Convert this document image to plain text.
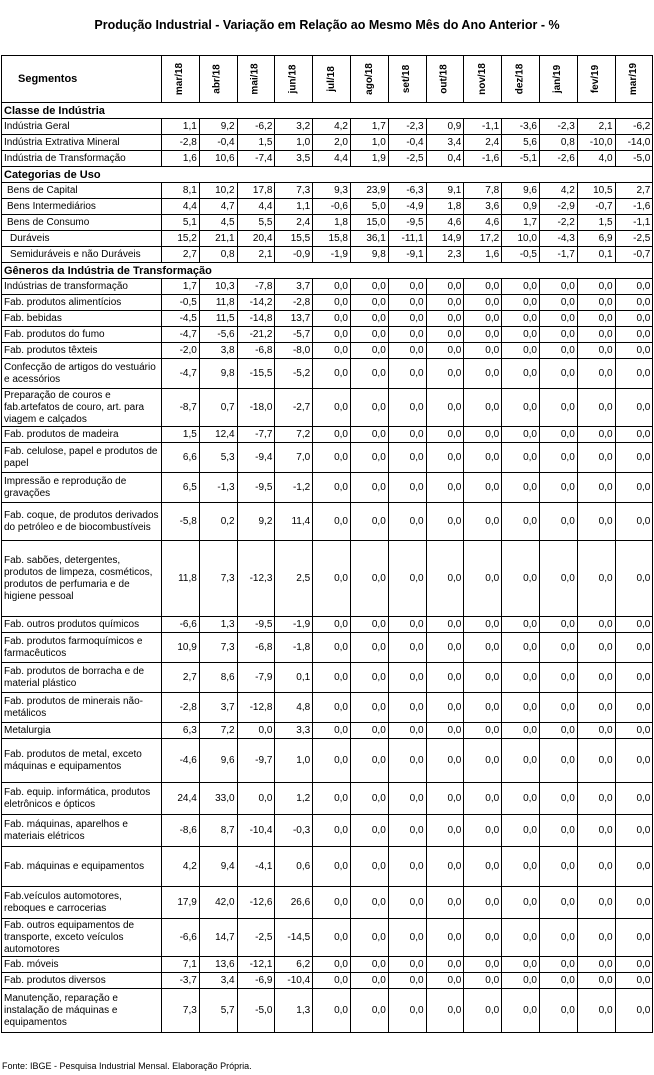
Produção Industrial - Variação em Relação ao Mesmo Mês do Ano Anterior - %
Segmentos	mar/18	abr/18	mai/18	jun/18	jul/18	ago/18	set/18	out/18	nov/18	dez/18	jan/19	fev/19	mar/19
Classe de Indústria													
Indústria Geral	1,1	9,2	-6,2	3,2	4,2	1,7	-2,3	0,9	-1,1	-3,6	-2,3	2,1	-6,2
Indústria Extrativa Mineral	-2,8	-0,4	1,5	1,0	2,0	1,0	-0,4	3,4	2,4	5,6	0,8	-10,0	-14,0
Indústria de Transformação	1,6	10,6	-7,4	3,5	4,4	1,9	-2,5	0,4	-1,6	-5,1	-2,6	4,0	-5,0
Categorias de Uso													
Bens de Capital	8,1	10,2	17,8	7,3	9,3	23,9	-6,3	9,1	7,8	9,6	4,2	10,5	2,7
Bens Intermediários	4,4	4,7	4,4	1,1	-0,6	5,0	-4,9	1,8	3,6	0,9	-2,9	-0,7	-1,6
Bens de Consumo	5,1	4,5	5,5	2,4	1,8	15,0	-9,5	4,6	4,6	1,7	-2,2	1,5	-1,1
Duráveis	15,2	21,1	20,4	15,5	15,8	36,1	-11,1	14,9	17,2	10,0	-4,3	6,9	-2,5
Semiduráveis e não Duráveis	2,7	0,8	2,1	-0,9	-1,9	9,8	-9,1	2,3	1,6	-0,5	-1,7	0,1	-0,7
Gêneros da Indústria de Transformação													
Indústrias de transformação	1,7	10,3	-7,8	3,7	0,0	0,0	0,0	0,0	0,0	0,0	0,0	0,0	0,0
Fab. produtos alimentícios	-0,5	11,8	-14,2	-2,8	0,0	0,0	0,0	0,0	0,0	0,0	0,0	0,0	0,0
Fab. bebidas	-4,5	11,5	-14,8	13,7	0,0	0,0	0,0	0,0	0,0	0,0	0,0	0,0	0,0
Fab. produtos do fumo	-4,7	-5,6	-21,2	-5,7	0,0	0,0	0,0	0,0	0,0	0,0	0,0	0,0	0,0
Fab. produtos têxteis	-2,0	3,8	-6,8	-8,0	0,0	0,0	0,0	0,0	0,0	0,0	0,0	0,0	0,0
Confecção de artigos do vestuário e acessórios	-4,7	9,8	-15,5	-5,2	0,0	0,0	0,0	0,0	0,0	0,0	0,0	0,0	0,0
Preparação de couros e fab.artefatos de couro, art. para viagem e calçados	-8,7	0,7	-18,0	-2,7	0,0	0,0	0,0	0,0	0,0	0,0	0,0	0,0	0,0
Fab. produtos de madeira	1,5	12,4	-7,7	7,2	0,0	0,0	0,0	0,0	0,0	0,0	0,0	0,0	0,0
Fab. celulose, papel e produtos de papel	6,6	5,3	-9,4	7,0	0,0	0,0	0,0	0,0	0,0	0,0	0,0	0,0	0,0
Impressão e reprodução de gravações	6,5	-1,3	-9,5	-1,2	0,0	0,0	0,0	0,0	0,0	0,0	0,0	0,0	0,0
Fab. coque, de produtos derivados do petróleo e de biocombustíveis	-5,8	0,2	9,2	11,4	0,0	0,0	0,0	0,0	0,0	0,0	0,0	0,0	0,0
Fab. sabões, detergentes, produtos de limpeza, cosméticos, produtos de perfumaria e de higiene pessoal	11,8	7,3	-12,3	2,5	0,0	0,0	0,0	0,0	0,0	0,0	0,0	0,0	0,0
Fab. outros produtos químicos	-6,6	1,3	-9,5	-1,9	0,0	0,0	0,0	0,0	0,0	0,0	0,0	0,0	0,0
Fab. produtos farmoquímicos e farmacêuticos	10,9	7,3	-6,8	-1,8	0,0	0,0	0,0	0,0	0,0	0,0	0,0	0,0	0,0
Fab. produtos de borracha e de material plástico	2,7	8,6	-7,9	0,1	0,0	0,0	0,0	0,0	0,0	0,0	0,0	0,0	0,0
Fab. produtos de minerais não-metálicos	-2,8	3,7	-12,8	4,8	0,0	0,0	0,0	0,0	0,0	0,0	0,0	0,0	0,0
Metalurgia	6,3	7,2	0,0	3,3	0,0	0,0	0,0	0,0	0,0	0,0	0,0	0,0	0,0
Fab. produtos de metal, exceto máquinas e equipamentos	-4,6	9,6	-9,7	1,0	0,0	0,0	0,0	0,0	0,0	0,0	0,0	0,0	0,0
Fab. equip. informática, produtos eletrônicos e ópticos	24,4	33,0	0,0	1,2	0,0	0,0	0,0	0,0	0,0	0,0	0,0	0,0	0,0
Fab. máquinas, aparelhos e materiais elétricos	-8,6	8,7	-10,4	-0,3	0,0	0,0	0,0	0,0	0,0	0,0	0,0	0,0	0,0
Fab. máquinas e equipamentos	4,2	9,4	-4,1	0,6	0,0	0,0	0,0	0,0	0,0	0,0	0,0	0,0	0,0
Fab.veículos automotores, reboques e carrocerias	17,9	42,0	-12,6	26,6	0,0	0,0	0,0	0,0	0,0	0,0	0,0	0,0	0,0
Fab. outros equipamentos de transporte, exceto veículos automotores	-6,6	14,7	-2,5	-14,5	0,0	0,0	0,0	0,0	0,0	0,0	0,0	0,0	0,0
Fab. móveis	7,1	13,6	-12,1	6,2	0,0	0,0	0,0	0,0	0,0	0,0	0,0	0,0	0,0
Fab. produtos diversos	-3,7	3,4	-6,9	-10,4	0,0	0,0	0,0	0,0	0,0	0,0	0,0	0,0	0,0
Manutenção, reparação e instalação de máquinas e equipamentos	7,3	5,7	-5,0	1,3	0,0	0,0	0,0	0,0	0,0	0,0	0,0	0,0	0,0
Fonte: IBGE - Pesquisa Industrial Mensal. Elaboração Própria.
